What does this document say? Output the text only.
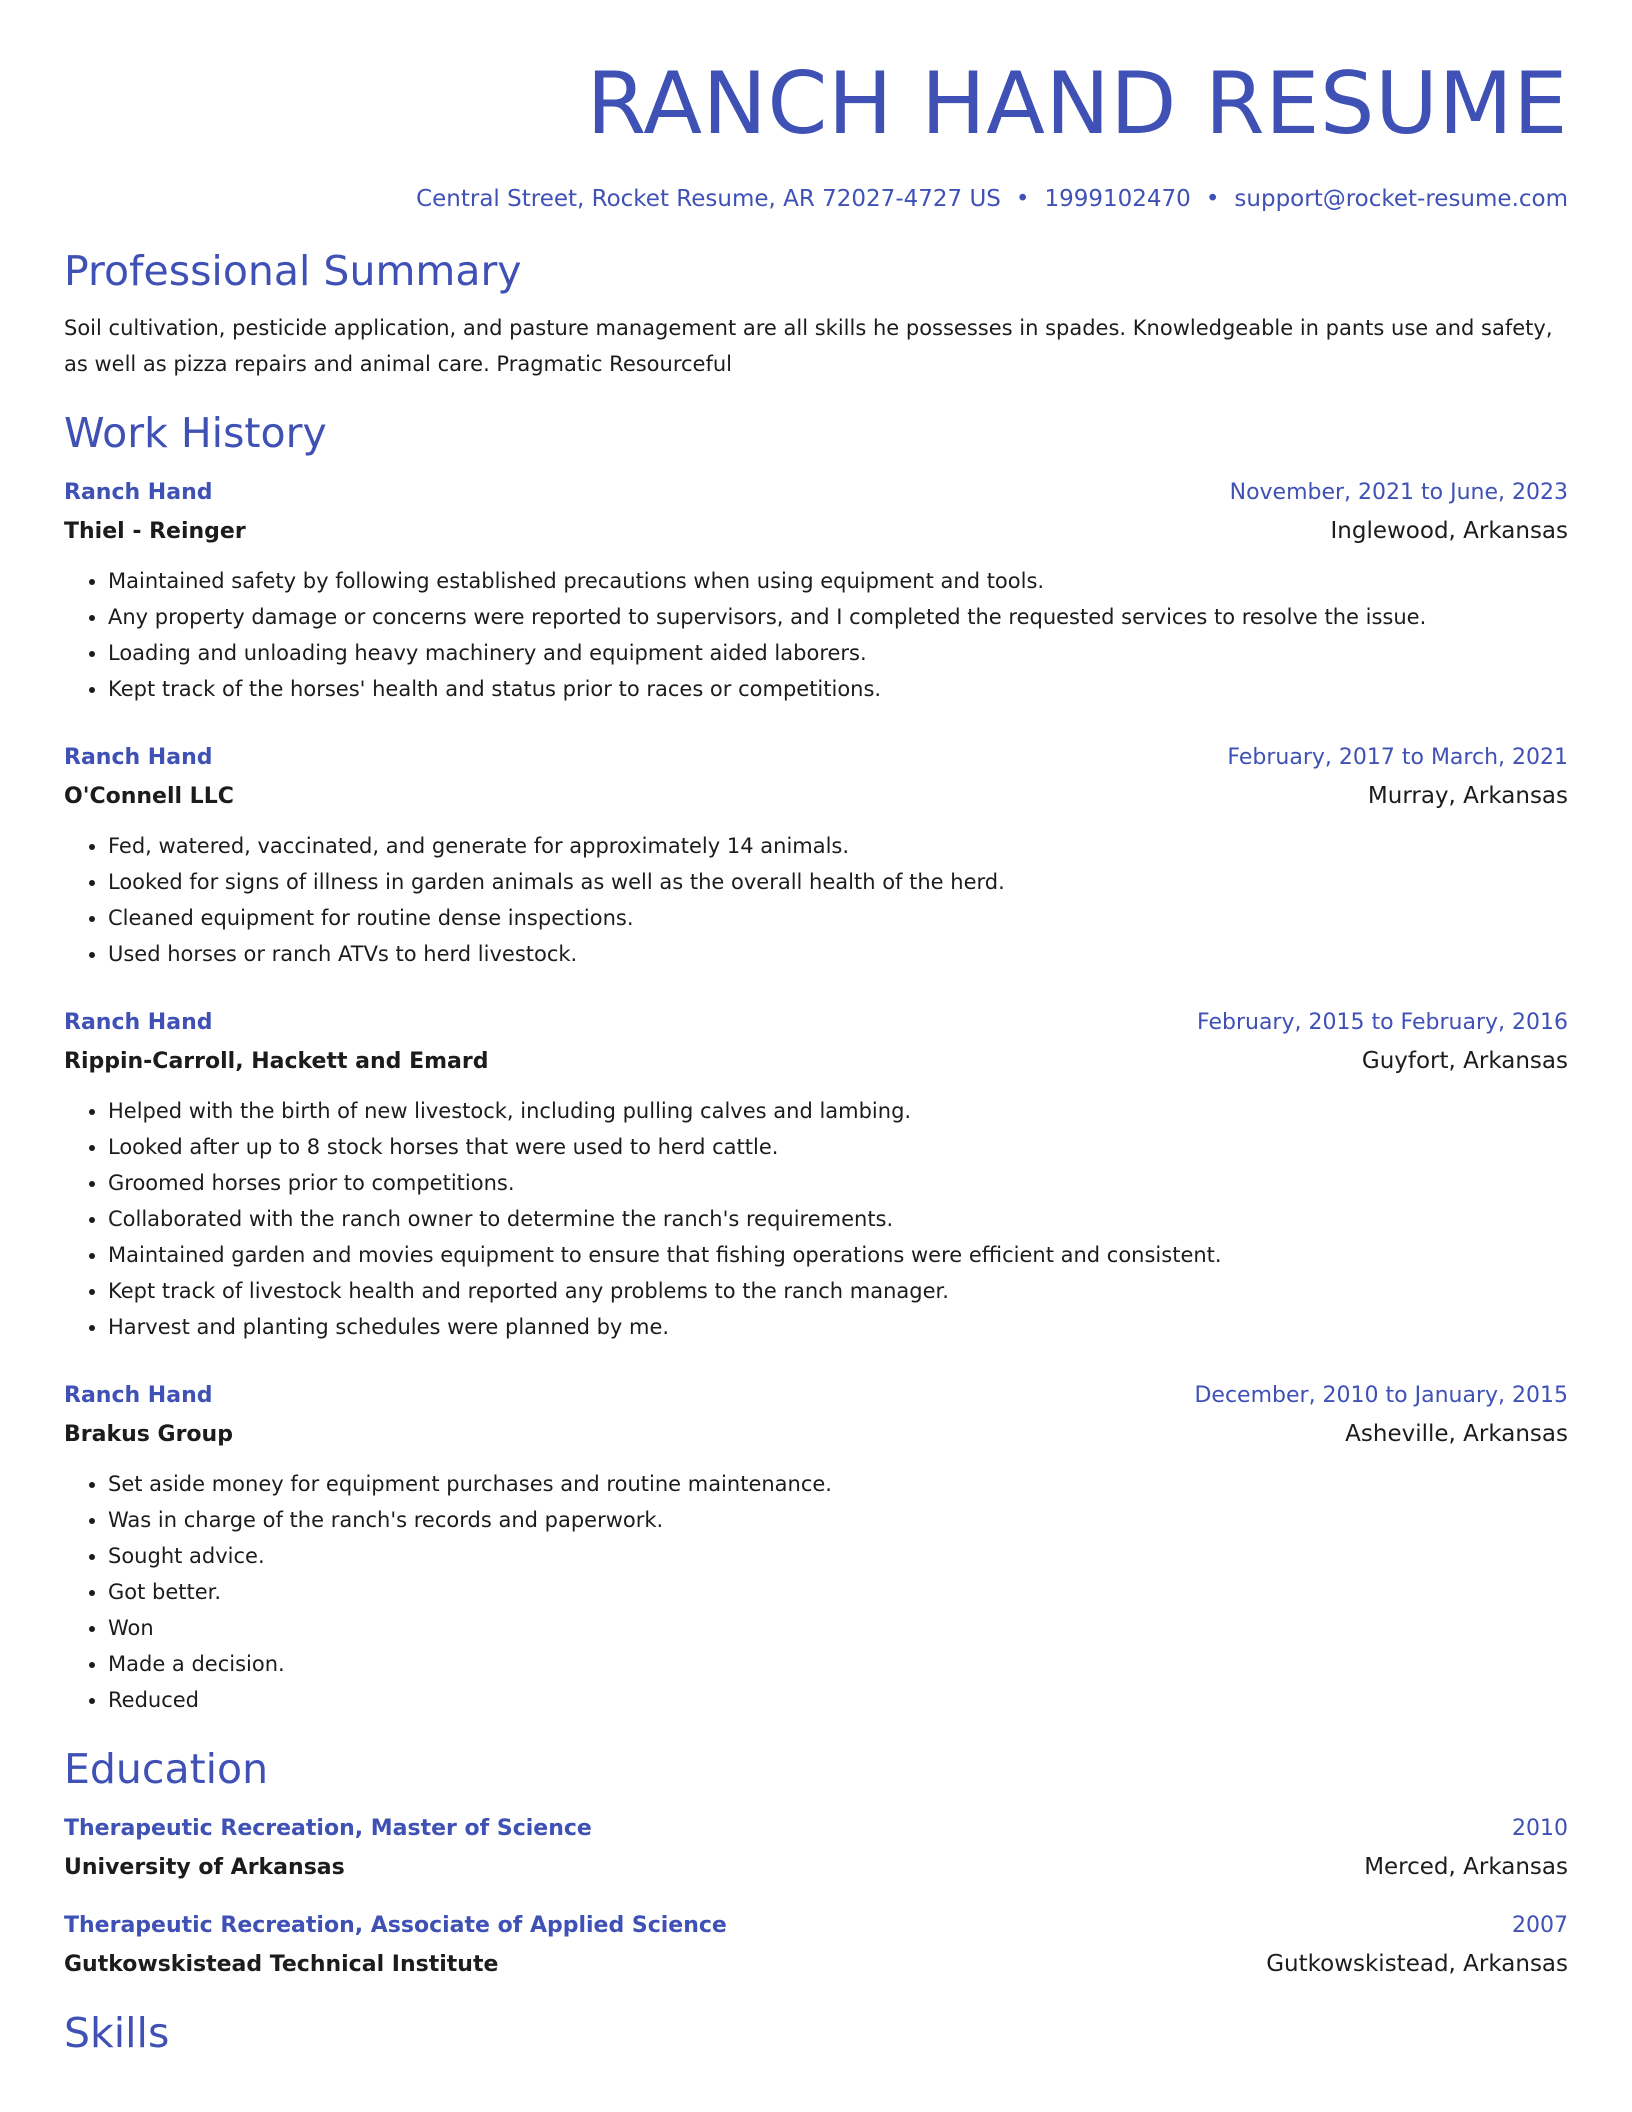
RANCH HAND RESUME
Central Street, Rocket Resume, AR 72027-4727 US • 1999102470 • support@rocket-resume.com
Professional Summary
Soil cultivation, pesticide application, and pasture management are all skills he possesses in spades. Knowledgeable in pants use and safety, as well as pizza repairs and animal care. Pragmatic Resourceful
Work History
Ranch Hand	November, 2021 to June, 2023
Thiel - Reinger	Inglewood, Arkansas
• Maintained safety by following established precautions when using equipment and tools.
• Any property damage or concerns were reported to supervisors, and I completed the requested services to resolve the issue.
• Loading and unloading heavy machinery and equipment aided laborers.
• Kept track of the horses' health and status prior to races or competitions.
Ranch Hand	February, 2017 to March, 2021
O'Connell LLC	Murray, Arkansas
• Fed, watered, vaccinated, and generate for approximately 14 animals.
• Looked for signs of illness in garden animals as well as the overall health of the herd.
• Cleaned equipment for routine dense inspections.
• Used horses or ranch ATVs to herd livestock.
Ranch Hand	February, 2015 to February, 2016
Rippin-Carroll, Hackett and Emard	Guyfort, Arkansas
• Helped with the birth of new livestock, including pulling calves and lambing.
• Looked after up to 8 stock horses that were used to herd cattle.
• Groomed horses prior to competitions.
• Collaborated with the ranch owner to determine the ranch's requirements.
• Maintained garden and movies equipment to ensure that fishing operations were efficient and consistent.
• Kept track of livestock health and reported any problems to the ranch manager.
• Harvest and planting schedules were planned by me.
Ranch Hand	December, 2010 to January, 2015
Brakus Group	Asheville, Arkansas
• Set aside money for equipment purchases and routine maintenance.
• Was in charge of the ranch's records and paperwork.
• Sought advice.
• Got better.
• Won
• Made a decision.
• Reduced
Education
Therapeutic Recreation, Master of Science	2010
University of Arkansas	Merced, Arkansas
Therapeutic Recreation, Associate of Applied Science	2007
Gutkowskistead Technical Institute	Gutkowskistead, Arkansas
Skills
